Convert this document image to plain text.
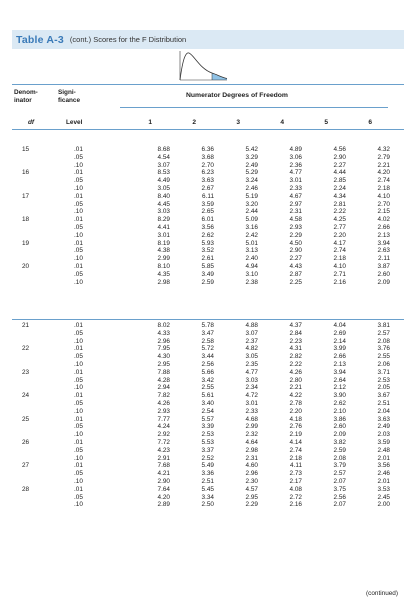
Table A-3 (cont.) Scores for the F Distribution
Denom-
inator
Signi-
ficance
df	Level
Numerator Degrees of Freedom
1	2	3	4	5	6
15	.01	8.68	6.36	5.42	4.89	4.56	4.32
	.05	4.54	3.68	3.29	3.06	2.90	2.79
	.10	3.07	2.70	2.49	2.36	2.27	2.21
16	.01	8.53	6.23	5.29	4.77	4.44	4.20
	.05	4.49	3.63	3.24	3.01	2.85	2.74
	.10	3.05	2.67	2.46	2.33	2.24	2.18
17	.01	8.40	6.11	5.19	4.67	4.34	4.10
	.05	4.45	3.59	3.20	2.97	2.81	2.70
	.10	3.03	2.65	2.44	2.31	2.22	2.15
18	.01	8.29	6.01	5.09	4.58	4.25	4.02
	.05	4.41	3.56	3.16	2.93	2.77	2.66
	.10	3.01	2.62	2.42	2.29	2.20	2.13
19	.01	8.19	5.93	5.01	4.50	4.17	3.94
	.05	4.38	3.52	3.13	2.90	2.74	2.63
	.10	2.99	2.61	2.40	2.27	2.18	2.11
20	.01	8.10	5.85	4.94	4.43	4.10	3.87
	.05	4.35	3.49	3.10	2.87	2.71	2.60
	.10	2.98	2.59	2.38	2.25	2.16	2.09
21	.01	8.02	5.78	4.88	4.37	4.04	3.81
	.05	4.33	3.47	3.07	2.84	2.69	2.57
	.10	2.96	2.58	2.37	2.23	2.14	2.08
22	.01	7.95	5.72	4.82	4.31	3.99	3.76
	.05	4.30	3.44	3.05	2.82	2.66	2.55
	.10	2.95	2.56	2.35	2.22	2.13	2.06
23	.01	7.88	5.66	4.77	4.26	3.94	3.71
	.05	4.28	3.42	3.03	2.80	2.64	2.53
	.10	2.94	2.55	2.34	2.21	2.12	2.05
24	.01	7.82	5.61	4.72	4.22	3.90	3.67
	.05	4.26	3.40	3.01	2.78	2.62	2.51
	.10	2.93	2.54	2.33	2.20	2.10	2.04
25	.01	7.77	5.57	4.68	4.18	3.86	3.63
	.05	4.24	3.39	2.99	2.76	2.60	2.49
	.10	2.92	2.53	2.32	2.19	2.09	2.03
26	.01	7.72	5.53	4.64	4.14	3.82	3.59
	.05	4.23	3.37	2.98	2.74	2.59	2.48
	.10	2.91	2.52	2.31	2.18	2.08	2.01
27	.01	7.68	5.49	4.60	4.11	3.79	3.56
	.05	4.21	3.36	2.96	2.73	2.57	2.46
	.10	2.90	2.51	2.30	2.17	2.07	2.01
28	.01	7.64	5.45	4.57	4.08	3.75	3.53
	.05	4.20	3.34	2.95	2.72	2.56	2.45
	.10	2.89	2.50	2.29	2.16	2.07	2.00
(continued)
